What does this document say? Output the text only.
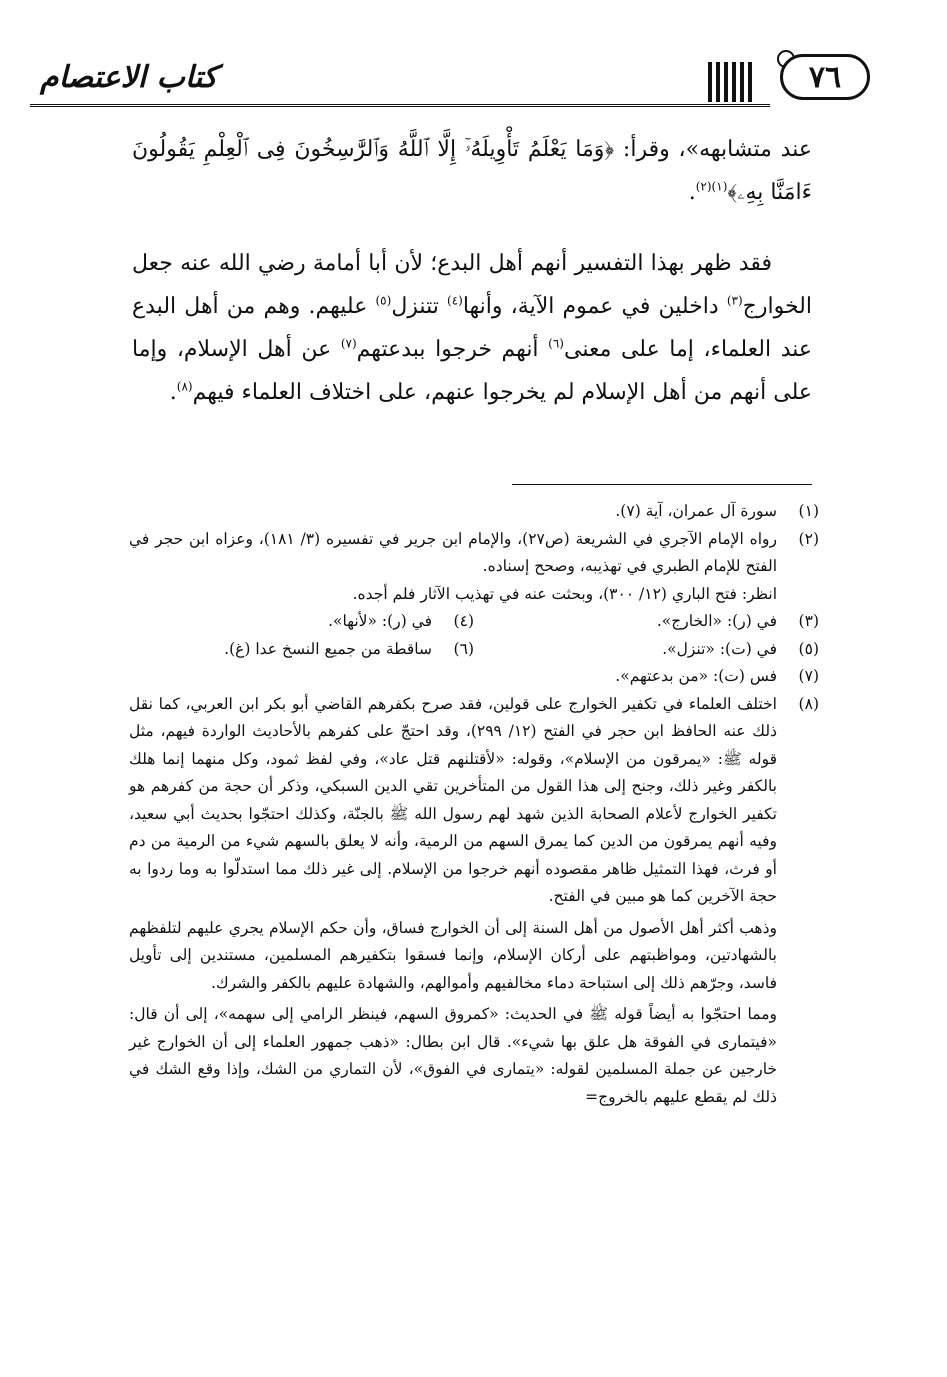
٧٦
كتاب الاعتصام

عند متشابهه»، وقرأ: ﴿وَمَا يَعْلَمُ تَأْوِيلَهُۥٓ إِلَّا ٱللَّهُ وَٱلرَّٰسِخُونَ فِى ٱلْعِلْمِ يَقُولُونَ ءَامَنَّا بِهِۦ﴾$^{(١)(٢)}$.

فقد ظهر بهذا التفسير أنهم أهل البدع؛ لأن أبا أمامة رضي الله عنه جعل الخوارج$^{(٣)}$ داخلين في عموم الآية، وأنها$^{(٤)}$ تتنزل$^{(٥)}$ عليهم. وهم من أهل البدع عند العلماء، إما على معنى$^{(٦)}$ أنهم خرجوا ببدعتهم$^{(٧)}$ عن أهل الإسلام، وإما على أنهم من أهل الإسلام لم يخرجوا عنهم، على اختلاف العلماء فيهم$^{(٨)}$.

(١)
سورة آل عمران، آية (٧).
(٢)

رواه الإمام الآجري في الشريعة (ص٢٧)، والإمام ابن جرير في تفسيره (٣/ ١٨١)، وعزاه ابن حجر في الفتح للإمام الطبري في تهذيبه، وصحح إسناده.

انظر: فتح الباري (١٢/ ٣٠٠)، وبحثت عنه في تهذيب الآثار فلم أجده.

(٣)
في (ر): «الخارج».
(٤)
في (ر): «لأنها».
(٥)
في (ت): «تنزل».
(٦)
ساقطة من جميع النسخ عدا (غ).
(٧)
فس (ت): «من بدعتهم».
(٨)

اختلف العلماء في تكفير الخوارج على قولين، فقد صرح بكفرهم القاضي أبو بكر ابن العربي، كما نقل ذلك عنه الحافظ ابن حجر في الفتح (١٢/ ٢٩٩)، وقد احتجّ على كفرهم بالأحاديث الواردة فيهم، مثل قوله ﷺ: «يمرقون من الإسلام»، وقوله: «لأقتلنهم قتل عاد»، وفي لفظ ثمود، وكل منهما إنما هلك بالكفر وغير ذلك، وجنح إلى هذا القول من المتأخرين تقي الدين السبكي، وذكر أن حجة من كفرهم هو تكفير الخوارج لأعلام الصحابة الذين شهد لهم رسول الله ﷺ بالجنّة، وكذلك احتجّوا بحديث أبي سعيد، وفيه أنهم يمرقون من الدين كما يمرق السهم من الرمية، وأنه لا يعلق بالسهم شيء من الرمية من دم أو فرث، فهذا التمثيل ظاهر مقصوده أنهم خرجوا من الإسلام. إلى غير ذلك مما استدلّوا به وما ردوا به حجة الآخرين كما هو مبين في الفتح.

وذهب أكثر أهل الأصول من أهل السنة إلى أن الخوارج فساق، وأن حكم الإسلام يجري عليهم لتلفظهم بالشهادتين، ومواظبتهم على أركان الإسلام، وإنما فسقوا بتكفيرهم المسلمين، مستندين إلى تأويل فاسد، وجرّهم ذلك إلى استباحة دماء مخالفيهم وأموالهم، والشهادة عليهم بالكفر والشرك.

ومما احتجّوا به أيضاً قوله ﷺ في الحديث: «كمروق السهم، فينظر الرامي إلى سهمه»، إلى أن قال: «فيتمارى في الفوقة هل علق بها شيء». قال ابن بطال: «ذهب جمهور العلماء إلى أن الخوارج غير خارجين عن جملة المسلمين لقوله: «يتمارى في الفوق»، لأن التماري من الشك، وإذا وقع الشك في ذلك لم يقطع عليهم بالخروج=
